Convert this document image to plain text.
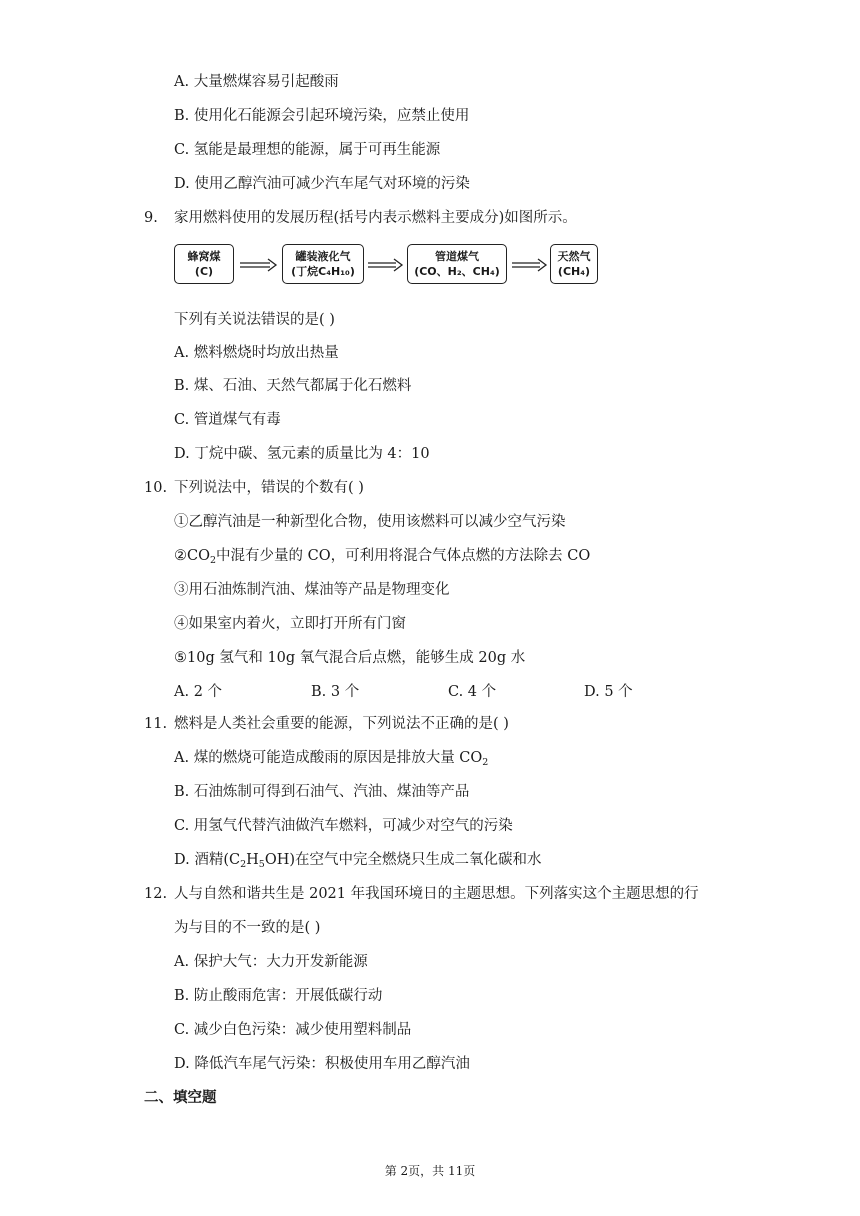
A. 大量燃煤容易引起酸雨
B. 使用化石能源会引起环境污染，应禁止使用
C. 氢能是最理想的能源，属于可再生能源
D. 使用乙醇汽油可减少汽车尾气对环境的污染
9. 家用燃料使用的发展历程(括号内表示燃料主要成分)如图所示。
蜂窝煤
(C)
罐装液化气
(丁烷C₄H₁₀)
管道煤气
(CO、H₂、CH₄)
天然气
(CH₄)
下列有关说法错误的是( )
A. 燃料燃烧时均放出热量
B. 煤、石油、天然气都属于化石燃料
C. 管道煤气有毒
D. 丁烷中碳、氢元素的质量比为 4：10
10. 下列说法中，错误的个数有( )
①乙醇汽油是一种新型化合物，使用该燃料可以减少空气污染
$②CO_2$中混有少量的 CO，可利用将混合气体点燃的方法除去 CO
③用石油炼制汽油、煤油等产品是物理变化
④如果室内着火，立即打开所有门窗
⑤10g 氢气和 10g 氧气混合后点燃，能够生成 20g 水
A. 2 个	B. 3 个	C. 4 个	D. 5 个
11. 燃料是人类社会重要的能源，下列说法不正确的是( )
A. 煤的燃烧可能造成酸雨的原因是排放大量 $CO_2$
B. 石油炼制可得到石油气、汽油、煤油等产品
C. 用氢气代替汽油做汽车燃料，可减少对空气的污染
D. 酒精$(C_2H_5OH)$在空气中完全燃烧只生成二氧化碳和水
12. 人与自然和谐共生是 2021 年我国环境日的主题思想。下列落实这个主题思想的行
为与目的不一致的是( )
A. 保护大气：大力开发新能源
B. 防止酸雨危害：开展低碳行动
C. 减少白色污染：减少使用塑料制品
D. 降低汽车尾气污染：积极使用车用乙醇汽油
二、填空题
第 2页，共 11页
